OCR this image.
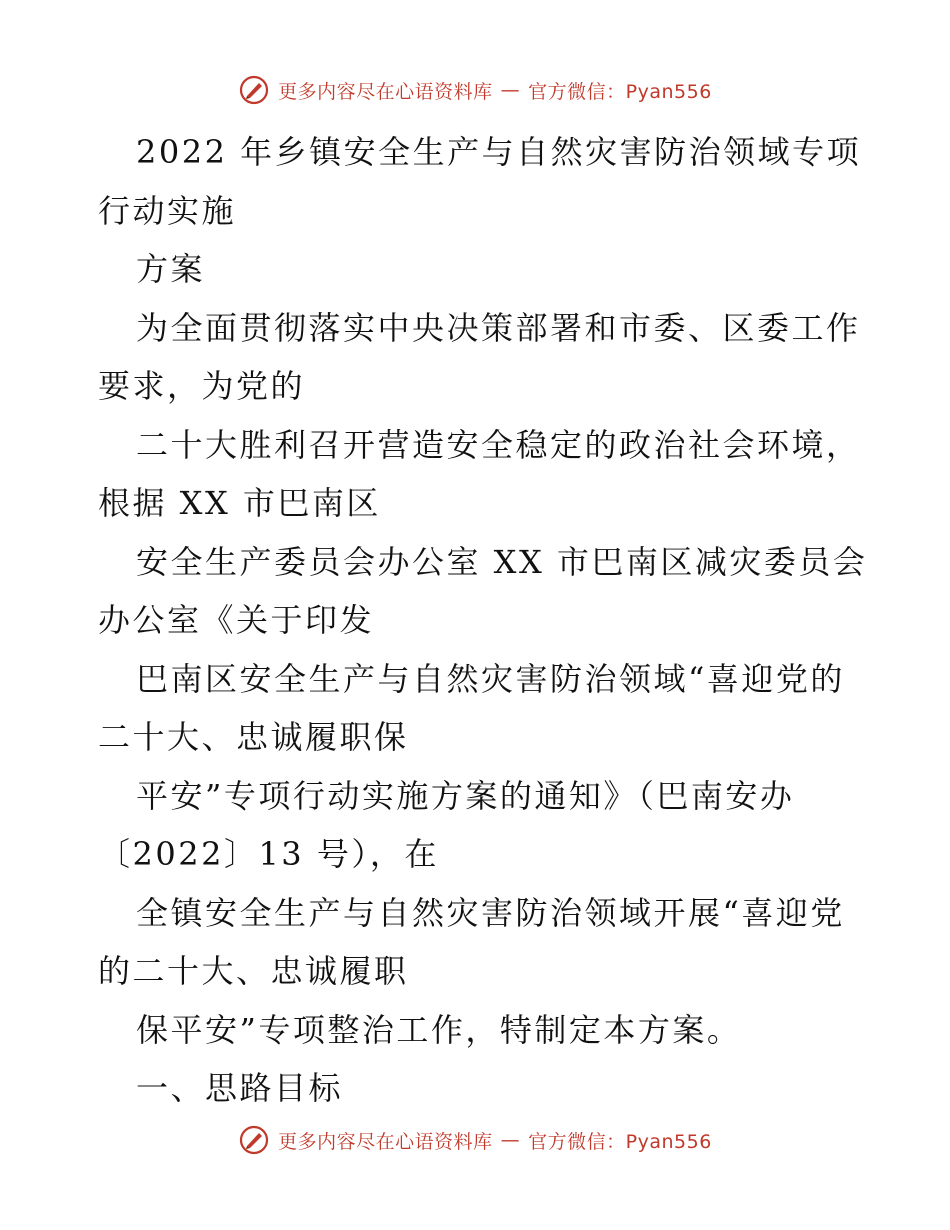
更多内容尽在心语资料库 — 官方微信：Pyan556
2022 年乡镇安全生产与自然灾害防治领域专项
行动实施
方案
为全面贯彻落实中央决策部署和市委、区委工作
要求，为党的
二十大胜利召开营造安全稳定的政治社会环境，
根据 XX 市巴南区
安全生产委员会办公室 XX 市巴南区减灾委员会
办公室《关于印发
巴南区安全生产与自然灾害防治领域“喜迎党的
二十大、忠诚履职保
平安”专项行动实施方案的通知》（巴南安办
〔2022〕13 号），在
全镇安全生产与自然灾害防治领域开展“喜迎党
的二十大、忠诚履职
保平安”专项整治工作，特制定本方案。
一、思路目标
更多内容尽在心语资料库 — 官方微信：Pyan556
